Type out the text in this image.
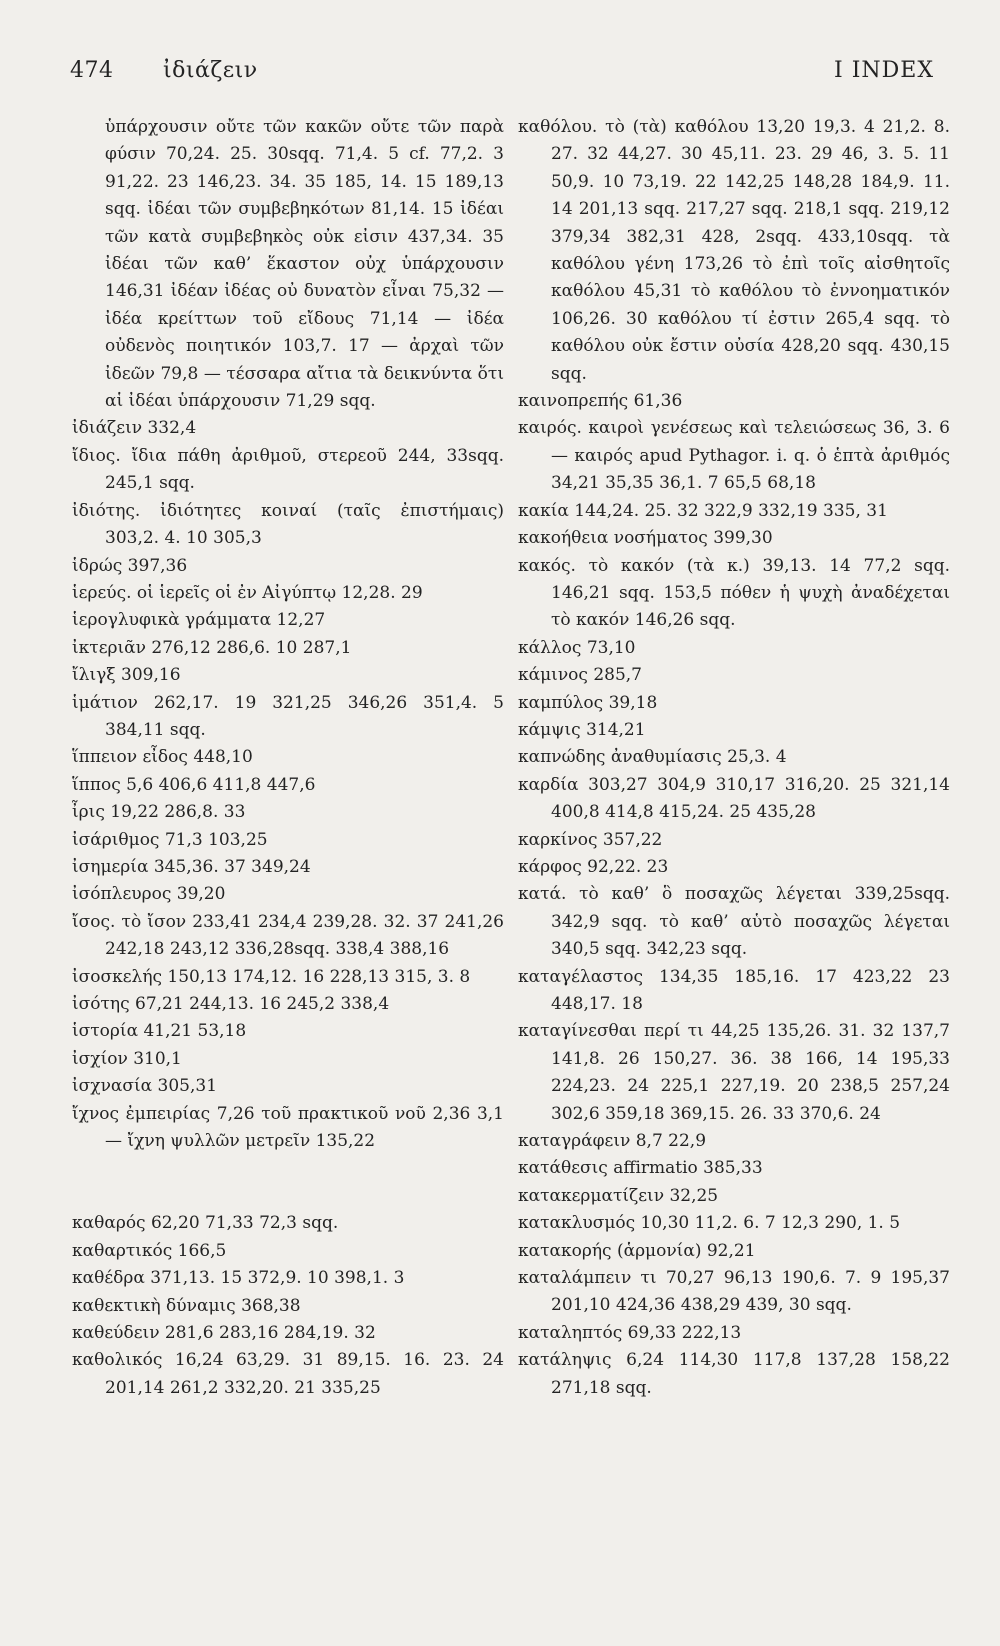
474 ἰδιάζειν	I INDEX

ὑπάρχουσιν οὔτε τῶν κακῶν οὔτε τῶν παρὰ φύσιν 70,24. 25. 30sqq. 71,4. 5 cf. 77,2. 3 91,22. 23 146,23. 34. 35 185, 14. 15 189,13 sqq. ἰδέαι τῶν συμβεβηκότων 81,14. 15 ἰδέαι τῶν κατὰ συμβεβηκὸς οὐκ εἰσιν 437,34. 35 ἰδέαι τῶν καθ’ ἕκαστον οὐχ ὑπάρχουσιν 146,31 ἰδέαν ἰδέας οὐ δυνατὸν εἶναι 75,32 — ἰδέα κρείττων τοῦ εἴδους 71,14 — ἰδέα οὐδενὸς ποιητικόν 103,7. 17 — ἀρχαὶ τῶν ἰδεῶν 79,8 — τέσσαρα αἴτια τὰ δεικνύντα ὅτι αἱ ἰδέαι ὑπάρχουσιν 71,29 sqq.

ἰδιάζειν 332,4

ἴδιος. ἴδια πάθη ἀριθμοῦ, στερεοῦ 244, 33sqq. 245,1 sqq.

ἰδιότης. ἰδιότητες κοιναί (ταῖς ἐπιστήμαις) 303,2. 4. 10 305,3

ἱδρώς 397,36

ἱερεύς. οἱ ἱερεῖς οἱ ἐν Αἰγύπτῳ 12,28. 29

ἱερογλυφικὰ γράμματα 12,27

ἰκτεριᾶν 276,12 286,6. 10 287,1

ἴλιγξ 309,16

ἱμάτιον 262,17. 19 321,25 346,26 351,4. 5 384,11 sqq.

ἵππειον εἶδος 448,10

ἵππος 5,6 406,6 411,8 447,6

ἶρις 19,22 286,8. 33

ἰσάριθμος 71,3 103,25

ἰσημερία 345,36. 37 349,24

ἰσόπλευρος 39,20

ἴσος. τὸ ἴσον 233,41 234,4 239,28. 32. 37 241,26 242,18 243,12 336,28sqq. 338,4 388,16

ἰσοσκελής 150,13 174,12. 16 228,13 315, 3. 8

ἰσότης 67,21 244,13. 16 245,2 338,4

ἱστορία 41,21 53,18

ἰσχίον 310,1

ἰσχνασία 305,31

ἴχνος ἐμπειρίας 7,26 τοῦ πρακτικοῦ νοῦ 2,36 3,1 — ἴχνη ψυλλῶν μετρεῖν 135,22

καθαρός 62,20 71,33 72,3 sqq.

καθαρτικός 166,5

καθέδρα 371,13. 15 372,9. 10 398,1. 3

καθεκτικὴ δύναμις 368,38

καθεύδειν 281,6 283,16 284,19. 32

καθολικός 16,24 63,29. 31 89,15. 16. 23. 24 201,14 261,2 332,20. 21 335,25

καθόλου. τὸ (τὰ) καθόλου 13,20 19,3. 4 21,2. 8. 27. 32 44,27. 30 45,11. 23. 29 46, 3. 5. 11 50,9. 10 73,19. 22 142,25 148,28 184,9. 11. 14 201,13 sqq. 217,27 sqq. 218,1 sqq. 219,12 379,34 382,31 428, 2sqq. 433,10sqq. τὰ καθόλου γένη 173,26 τὸ ἐπὶ τοῖς αἰσθητοῖς καθόλου 45,31 τὸ καθόλου τὸ ἐννοηματικόν 106,26. 30 καθόλου τί ἐστιν 265,4 sqq. τὸ καθόλου οὐκ ἔστιν οὐσία 428,20 sqq. 430,15 sqq.

καινοπρεπής 61,36

καιρός. καιροὶ γενέσεως καὶ τελειώσεως 36, 3. 6 — καιρός apud Pythagor. i. q. ὁ ἑπτὰ ἀριθμός 34,21 35,35 36,1. 7 65,5 68,18

κακία 144,24. 25. 32 322,9 332,19 335, 31

κακοήθεια νοσήματος 399,30

κακός. τὸ κακόν (τὰ κ.) 39,13. 14 77,2 sqq. 146,21 sqq. 153,5 πόθεν ἡ ψυχὴ ἀναδέχεται τὸ κακόν 146,26 sqq.

κάλλος 73,10

κάμινος 285,7

καμπύλος 39,18

κάμψις 314,21

καπνώδης ἀναθυμίασις 25,3. 4

καρδία 303,27 304,9 310,17 316,20. 25 321,14 400,8 414,8 415,24. 25 435,28

καρκίνος 357,22

κάρφος 92,22. 23

κατά. τὸ καθ’ ὃ ποσαχῶς λέγεται 339,25sqq. 342,9 sqq. τὸ καθ’ αὑτὸ ποσαχῶς λέγεται 340,5 sqq. 342,23 sqq.

καταγέλαστος 134,35 185,16. 17 423,22 23 448,17. 18

καταγίνεσθαι περί τι 44,25 135,26. 31. 32 137,7 141,8. 26 150,27. 36. 38 166, 14 195,33 224,23. 24 225,1 227,19. 20 238,5 257,24 302,6 359,18 369,15. 26. 33 370,6. 24

καταγράφειν 8,7 22,9

κατάθεσις affirmatio 385,33

κατακερματίζειν 32,25

κατακλυσμός 10,30 11,2. 6. 7 12,3 290, 1. 5

κατακορής (ἁρμονία) 92,21

καταλάμπειν τι 70,27 96,13 190,6. 7. 9 195,37 201,10 424,36 438,29 439, 30 sqq.

καταληπτός 69,33 222,13

κατάληψις 6,24 114,30 117,8 137,28 158,22 271,18 sqq.
